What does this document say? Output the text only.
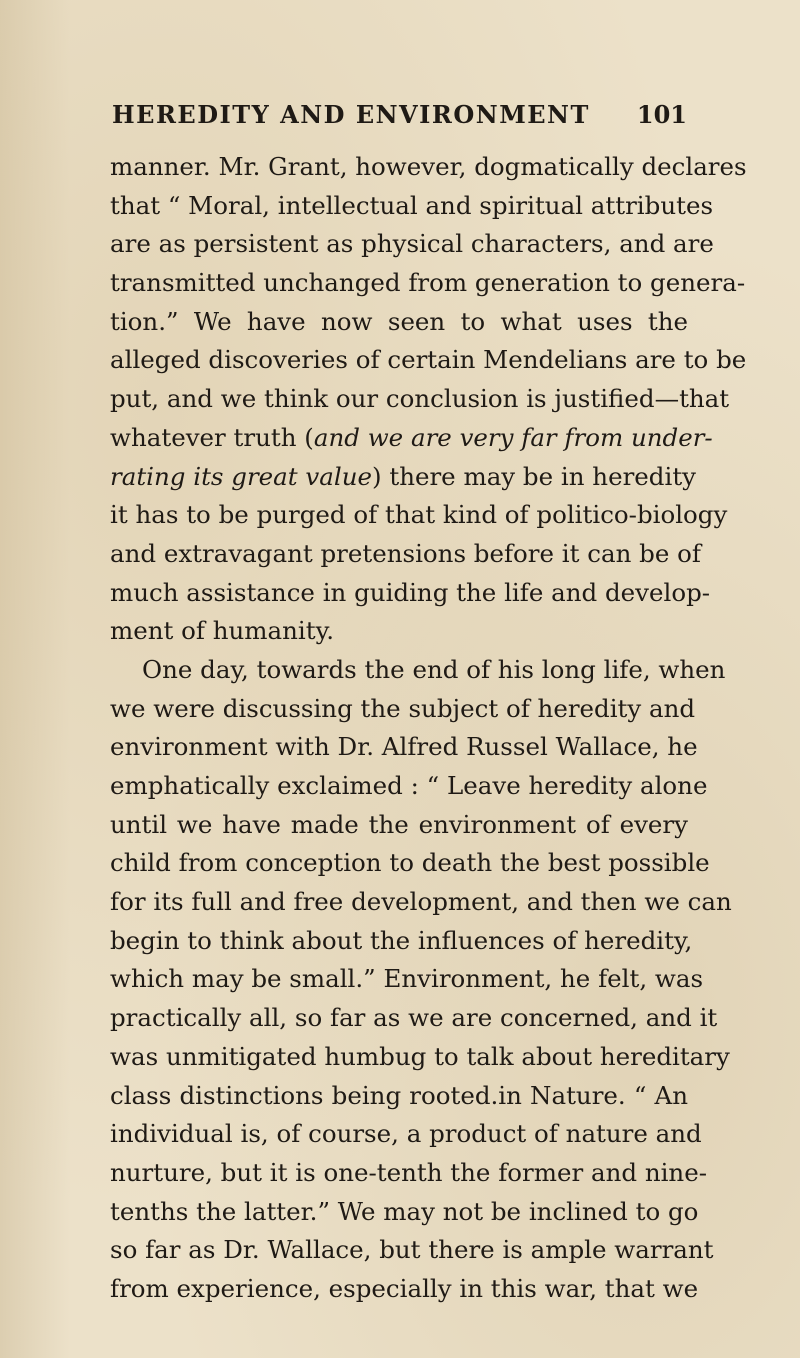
HEREDITY AND ENVIRONMENT 101
manner. Mr. Grant, however, dogmatically declares
that “ Moral, intellectual and spiritual attributes
are as persistent as physical characters, and are
transmitted unchanged from generation to genera-
tion.” We have now seen to what uses the
alleged discoveries of certain Mendelians are to be
put, and we think our conclusion is justified—that
whatever truth (and we are very far from under-
rating its great value) there may be in heredity
it has to be purged of that kind of politico-biology
and extravagant pretensions before it can be of
much assistance in guiding the life and develop-
ment of humanity.
One day, towards the end of his long life, when
we were discussing the subject of heredity and
environment with Dr. Alfred Russel Wallace, he
emphatically exclaimed : “ Leave heredity alone
until we have made the environment of every
child from conception to death the best possible
for its full and free development, and then we can
begin to think about the influences of heredity,
which may be small.” Environment, he felt, was
practically all, so far as we are concerned, and it
was unmitigated humbug to talk about hereditary
class distinctions being rooted.in Nature. “ An
individual is, of course, a product of nature and
nurture, but it is one-tenth the former and nine-
tenths the latter.” We may not be inclined to go
so far as Dr. Wallace, but there is ample warrant
from experience, especially in this war, that we
